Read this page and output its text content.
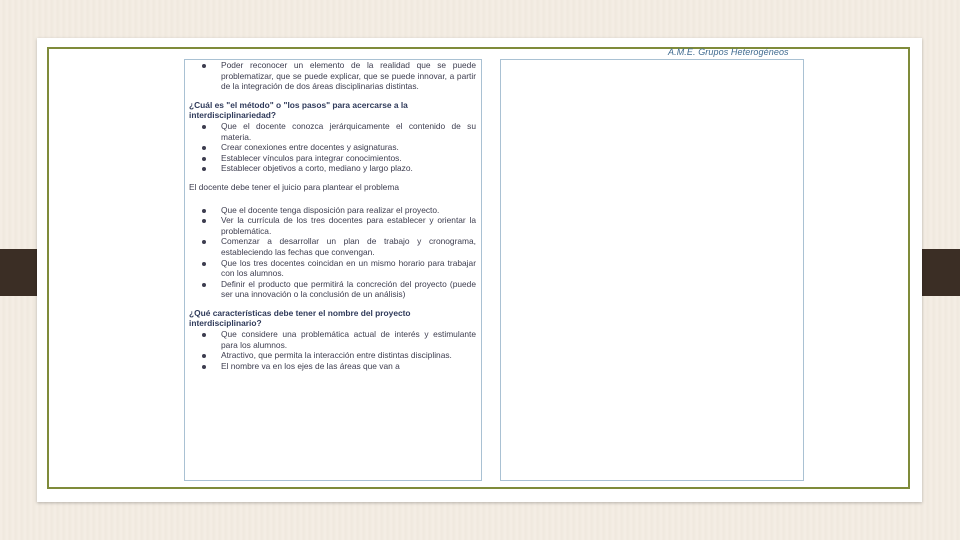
A.M.E. Grupos Heterogéneos
Poder reconocer un elemento de la realidad que se puede problematizar, que se puede explicar, que se puede innovar, a partir de la integración de dos áreas disciplinarias distintas.
¿Cuál es "el método" o "los pasos" para acercarse a la interdisciplinariedad?
Que el docente conozca jerárquicamente el contenido de su materia.
Crear conexiones entre docentes y asignaturas.
Establecer vínculos para integrar conocimientos.
Establecer objetivos a corto, mediano y largo plazo.
El docente debe tener el juicio para plantear el problema
Que el docente tenga disposición para realizar el proyecto.
Ver la currícula de los tres docentes para establecer y orientar la problemática.
Comenzar a desarrollar un plan de trabajo y cronograma, estableciendo las fechas que convengan.
Que los tres docentes coincidan en un mismo horario para trabajar con los alumnos.
Definir el producto que permitirá la concreción del proyecto (puede ser una innovación o la conclusión de un análisis)
¿Qué características debe tener el nombre del proyecto interdisciplinario?
Que considere una problemática actual de interés y estimulante para los alumnos.
Atractivo, que permita la interacción entre distintas disciplinas.
El nombre va en los ejes de las áreas que van a
